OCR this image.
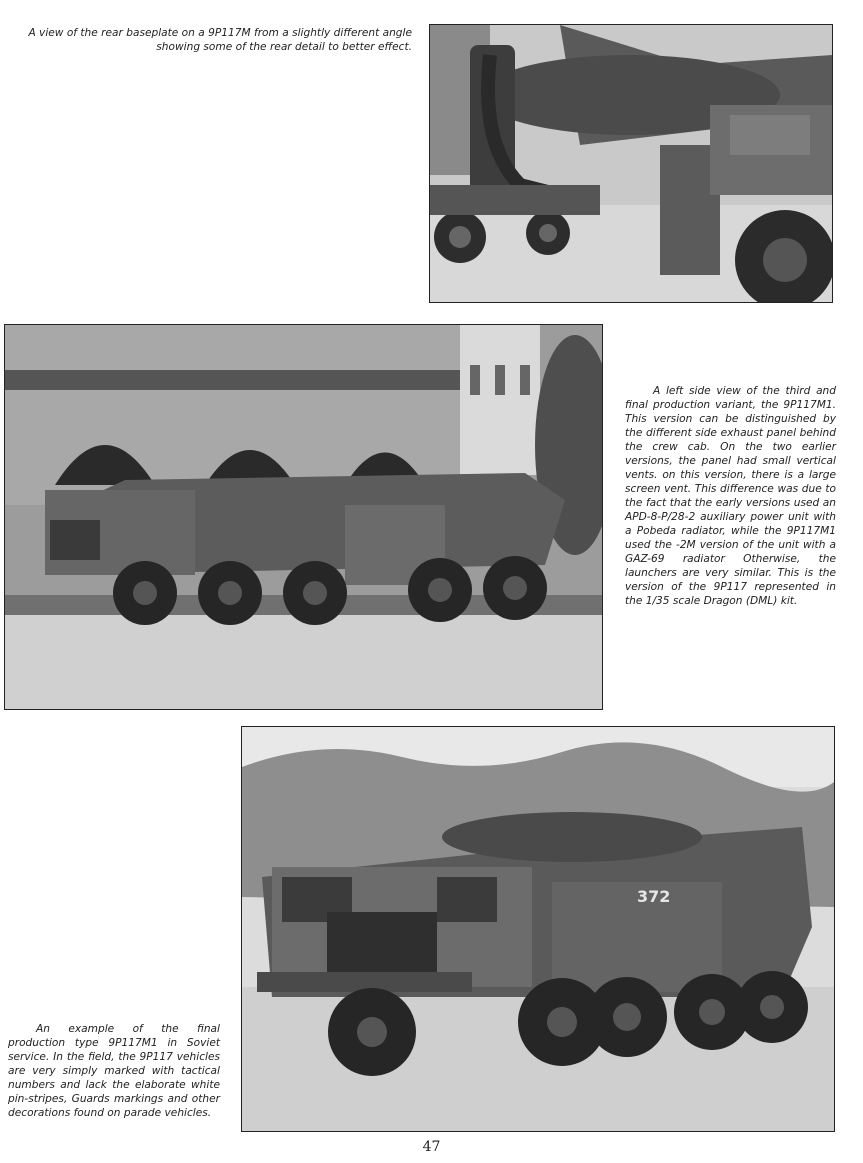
A view of the rear baseplate on a 9P117M from a slightly different angle showing some of the rear detail to better effect.

A left side view of the third and final production variant, the 9P117M1. This version can be distinguished by the different side exhaust panel behind the crew cab. On the two earlier versions, the panel had small vertical vents. on this version, there is a large screen vent. This difference was due to the fact that the early versions used an APD-8-P/28-2 auxiliary power unit with a Pobeda radiator, while the 9P117M1 used the -2M version of the unit with a GAZ-69 radiator Otherwise, the launchers are very similar. This is the version of the 9P117 represented in the 1/35 scale Dragon (DML) kit.

372

An example of the final production type 9P117M1 in Soviet service. In the field, the 9P117 vehicles are very simply marked with tactical numbers and lack the elaborate white pin-stripes, Guards markings and other decorations found on parade vehicles.

47
